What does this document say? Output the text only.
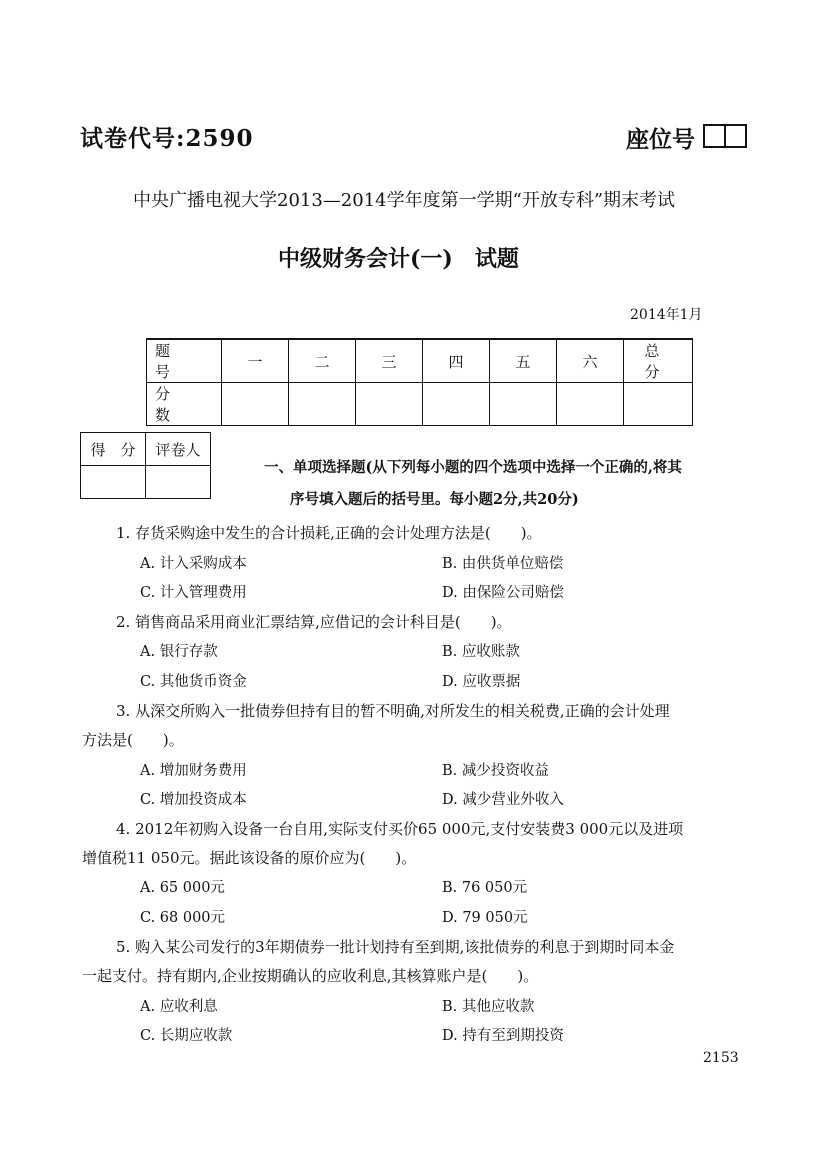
试卷代号:2590	座位号
中央广播电视大学2013—2014学年度第一学期“开放专科”期末考试
中级财务会计(一)　试题
2014年1月
题　号	一	二	三	四	五	六	总　分
分　数							
得　分	评卷人

一、单项选择题(从下列每小题的四个选项中选择一个正确的,将其
序号填入题后的括号里。每小题2分,共20分)
1. 存货采购途中发生的合计损耗,正确的会计处理方法是(　　)。
A. 计入采购成本	B. 由供货单位赔偿
C. 计入管理费用	D. 由保险公司赔偿
2. 销售商品采用商业汇票结算,应借记的会计科目是(　　)。
A. 银行存款	B. 应收账款
C. 其他货币资金	D. 应收票据
3. 从深交所购入一批债券但持有目的暂不明确,对所发生的相关税费,正确的会计处理
方法是(　　)。
A. 增加财务费用	B. 减少投资收益
C. 增加投资成本	D. 减少营业外收入
4. 2012年初购入设备一台自用,实际支付买价65 000元,支付安装费3 000元以及进项
增值税11 050元。据此该设备的原价应为(　　)。
A. 65 000元	B. 76 050元
C. 68 000元	D. 79 050元
5. 购入某公司发行的3年期债券一批计划持有至到期,该批债券的利息于到期时同本金
一起支付。持有期内,企业按期确认的应收利息,其核算账户是(　　)。
A. 应收利息	B. 其他应收款
C. 长期应收款	D. 持有至到期投资
2153
